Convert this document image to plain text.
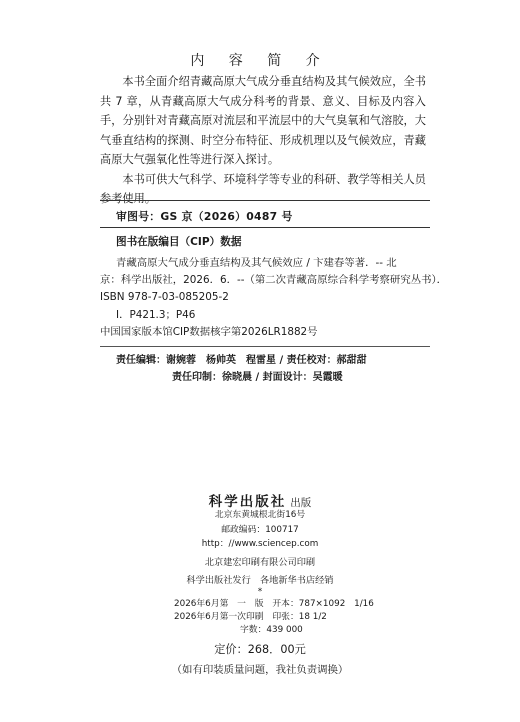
内 容 简 介

本书全面介绍青藏高原大气成分垂直结构及其气候效应，全书共 7 章，从青藏高原大气成分科考的背景、意义、目标及内容入手，分别针对青藏高原对流层和平流层中的大气臭氧和气溶胶，大气垂直结构的探测、时空分布特征、形成机理以及气候效应，青藏高原大气强氧化性等进行深入探讨。

本书可供大气科学、环境科学等专业的科研、教学等相关人员参考使用。

审图号：GS 京（2026）0487 号
图书在版编目（CIP）数据
青藏高原大气成分垂直结构及其气候效应 / 卞建春等著．-- 北
京：科学出版社，2026．6．--（第二次青藏高原综合科学考察研究丛书）．
ISBN 978-7-03-085205-2
Ⅰ．P421.3；P46
中国国家版本馆CIP数据核字第2026LR1882号
责任编辑：谢婉蓉　杨帅英　程雷星 / 责任校对：郝甜甜
责任印制：徐晓晨 / 封面设计：吴霞暖
科学出版社 出版
北京东黄城根北街16号
邮政编码：100717
http：//www.sciencep.com
北京建宏印刷有限公司印刷
科学出版社发行　各地新华书店经销
*
2026年6月第　一　版　开本：787×1092　1/16
2026年6月第一次印刷　印张：18 1/2
字数：439 000
定价：268．00元
（如有印装质量问题，我社负责调换）
